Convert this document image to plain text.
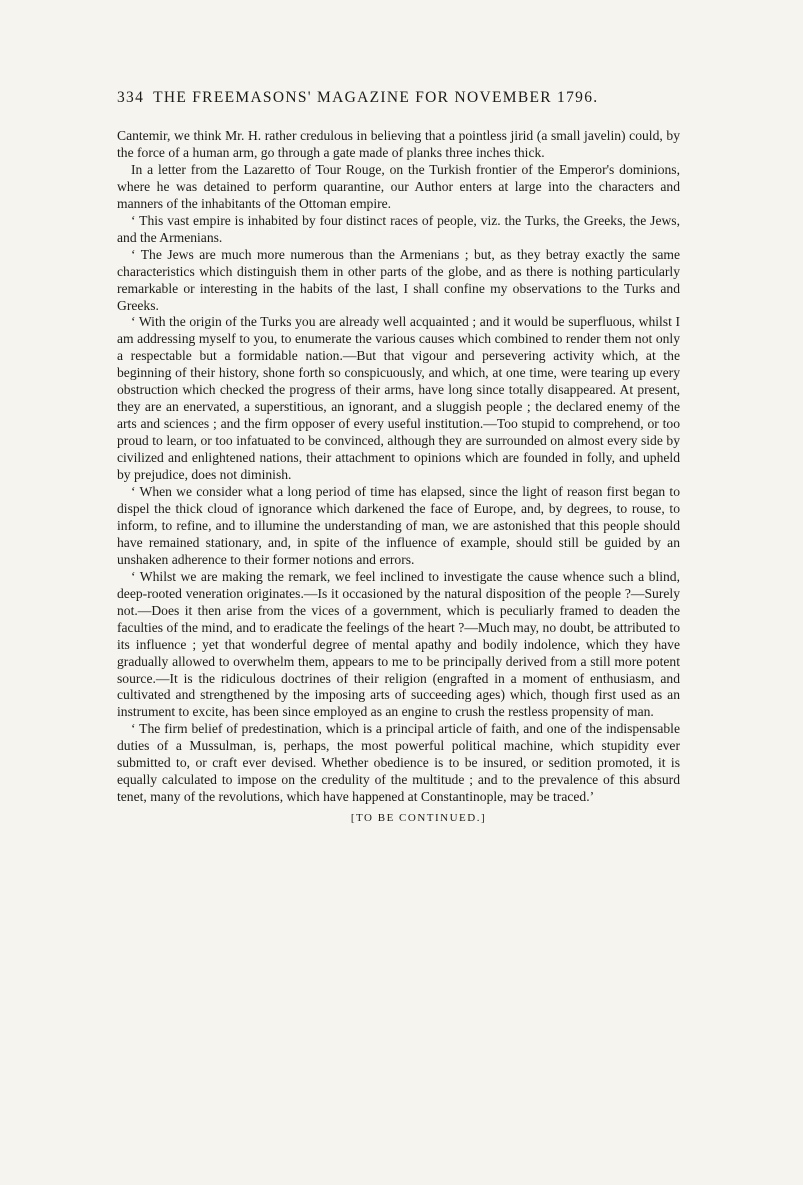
334 THE FREEMASONS' MAGAZINE FOR NOVEMBER 1796.

Cantemir, we think Mr. H. rather credulous in believing that a pointless jirid (a small javelin) could, by the force of a human arm, go through a gate made of planks three inches thick.

In a letter from the Lazaretto of Tour Rouge, on the Turkish frontier of the Emperor's dominions, where he was detained to perform quarantine, our Author enters at large into the characters and manners of the inhabitants of the Ottoman empire.

‘ This vast empire is inhabited by four distinct races of people, viz. the Turks, the Greeks, the Jews, and the Armenians.

‘ The Jews are much more numerous than the Armenians ; but, as they betray exactly the same characteristics which distinguish them in other parts of the globe, and as there is nothing particularly remarkable or interesting in the habits of the last, I shall confine my observations to the Turks and Greeks.

‘ With the origin of the Turks you are already well acquainted ; and it would be superfluous, whilst I am addressing myself to you, to enumerate the various causes which combined to render them not only a respectable but a formidable nation.—But that vigour and persevering activity which, at the beginning of their history, shone forth so conspicuously, and which, at one time, were tearing up every obstruction which checked the progress of their arms, have long since totally disappeared. At present, they are an enervated, a superstitious, an ignorant, and a sluggish people ; the declared enemy of the arts and sciences ; and the firm opposer of every useful institution.—Too stupid to comprehend, or too proud to learn, or too infatuated to be convinced, although they are surrounded on almost every side by civilized and enlightened nations, their attachment to opinions which are founded in folly, and upheld by prejudice, does not diminish.

‘ When we consider what a long period of time has elapsed, since the light of reason first began to dispel the thick cloud of ignorance which darkened the face of Europe, and, by degrees, to rouse, to inform, to refine, and to illumine the understanding of man, we are astonished that this people should have remained stationary, and, in spite of the influence of example, should still be guided by an unshaken adherence to their former notions and errors.

‘ Whilst we are making the remark, we feel inclined to investigate the cause whence such a blind, deep-rooted veneration originates.—Is it occasioned by the natural disposition of the people ?—Surely not.—Does it then arise from the vices of a government, which is peculiarly framed to deaden the faculties of the mind, and to eradicate the feelings of the heart ?—Much may, no doubt, be attributed to its influence ; yet that wonderful degree of mental apathy and bodily indolence, which they have gradually allowed to overwhelm them, appears to me to be principally derived from a still more potent source.—It is the ridiculous doctrines of their religion (engrafted in a moment of enthusiasm, and cultivated and strengthened by the imposing arts of succeeding ages) which, though first used as an instrument to excite, has been since employed as an engine to crush the restless propensity of man.

‘ The firm belief of predestination, which is a principal article of faith, and one of the indispensable duties of a Mussulman, is, perhaps, the most powerful political machine, which stupidity ever submitted to, or craft ever devised. Whether obedience is to be insured, or sedition promoted, it is equally calculated to impose on the credulity of the multitude ; and to the prevalence of this absurd tenet, many of the revolutions, which have happened at Constantinople, may be traced.’

[TO BE CONTINUED.]
